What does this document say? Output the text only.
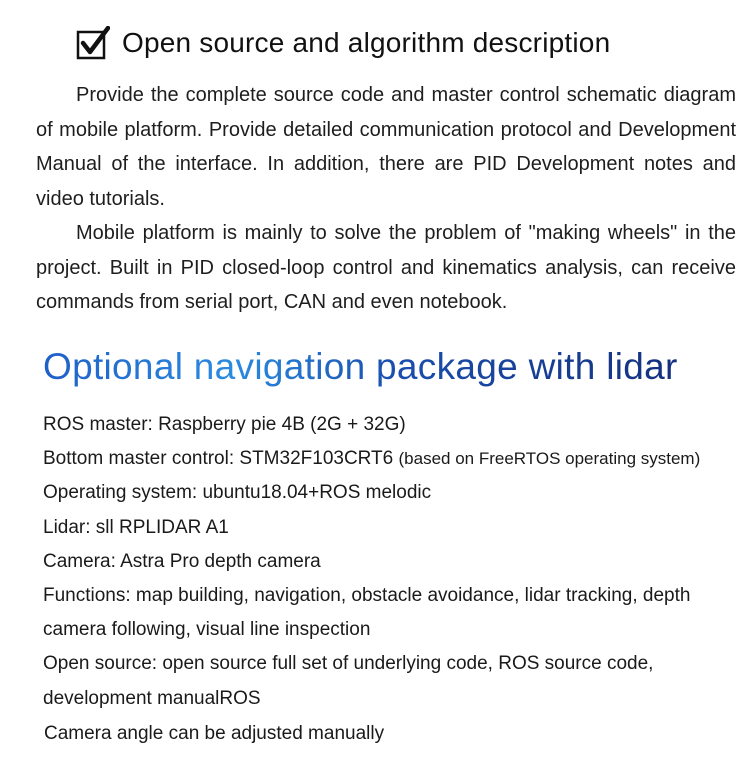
Open source and algorithm description

Provide the complete source code and master control schematic diagram of mobile platform. Provide detailed communication protocol and Development Manual of the interface. In addition, there are PID Development notes and video tutorials.

Mobile platform is mainly to solve the problem of "making wheels" in the project. Built in PID closed-loop control and kinematics analysis, can receive commands from serial port, CAN and even notebook.

Optional navigation package with lidar
ROS master: Raspberry pie 4B (2G + 32G)
Bottom master control: STM32F103CRT6 (based on FreeRTOS operating system)
Operating system: ubuntu18.04+ROS melodic
Lidar: sll RPLIDAR A1
Camera: Astra Pro depth camera
Functions: map building, navigation, obstacle avoidance, lidar tracking, depth camera following, visual line inspection
Open source: open source full set of underlying code, ROS source code, development manualROS
Camera angle can be adjusted manually
